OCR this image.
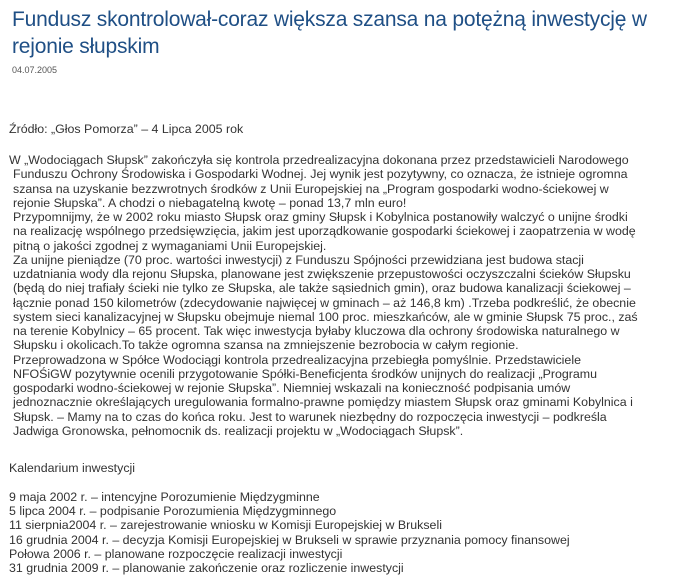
Fundusz skontrolował-coraz większa szansa na potężną inwestycję w rejonie słupskim
04.07.2005
Źródło: „Głos Pomorza” – 4 Lipca 2005 rok
W „Wodociągach Słupsk” zakończyła się kontrola przedrealizacyjna dokonana przez przedstawicieli Narodowego
Funduszu Ochrony Środowiska i Gospodarki Wodnej. Jej wynik jest pozytywny, co oznacza, że istnieje ogromna
szansa na uzyskanie bezzwrotnych środków z Unii Europejskiej na „Program gospodarki wodno-ściekowej w
rejonie Słupska”. A chodzi o niebagatelną kwotę – ponad 13,7 mln euro!
Przypomnijmy, że w 2002 roku miasto Słupsk oraz gminy Słupsk i Kobylnica postanowiły walczyć o unijne środki
na realizację wspólnego przedsięwzięcia, jakim jest uporządkowanie gospodarki ściekowej i zaopatrzenia w wodę
pitną o jakości zgodnej z wymaganiami Unii Europejskiej.
Za unijne pieniądze (70 proc. wartości inwestycji) z Funduszu Spójności przewidziana jest budowa stacji
uzdatniania wody dla rejonu Słupska, planowane jest zwiększenie przepustowości oczyszczalni ścieków Słupsku
(będą do niej trafiały ścieki nie tylko ze Słupska, ale także sąsiednich gmin), oraz budowa kanalizacji ściekowej –
łącznie ponad 150 kilometrów (zdecydowanie najwięcej w gminach – aż 146,8 km) .Trzeba podkreślić, że obecnie
system sieci kanalizacyjnej w Słupsku obejmuje niemal 100 proc. mieszkańców, ale w gminie Słupsk 75 proc., zaś
na terenie Kobylnicy – 65 procent. Tak więc inwestycja byłaby kluczowa dla ochrony środowiska naturalnego w
Słupsku i okolicach.To także ogromna szansa na zmniejszenie bezrobocia w całym regionie.
Przeprowadzona w Spółce Wodociągi kontrola przedrealizacyjna przebiegła pomyślnie. Przedstawiciele
NFOŚiGW pozytywnie ocenili przygotowanie Spółki-Beneficjenta środków unijnych do realizacji „Programu
gospodarki wodno-ściekowej w rejonie Słupska”. Niemniej wskazali na konieczność podpisania umów
jednoznacznie określających uregulowania formalno-prawne pomiędzy miastem Słupsk oraz gminami Kobylnica i
Słupsk. – Mamy na to czas do końca roku. Jest to warunek niezbędny do rozpoczęcia inwestycji – podkreśla
Jadwiga Gronowska, pełnomocnik ds. realizacji projektu w „Wodociągach Słupsk”.
Kalendarium inwestycji
9 maja 2002 r. – intencyjne Porozumienie Międzygminne
5 lipca 2004 r. – podpisanie Porozumienia Międzygminnego
11 sierpnia2004 r. – zarejestrowanie wniosku w Komisji Europejskiej w Brukseli
16 grudnia 2004 r. – decyzja Komisji Europejskiej w Brukseli w sprawie przyznania pomocy finansowej
Połowa 2006 r. – planowane rozpoczęcie realizacji inwestycji
31 grudnia 2009 r. – planowanie zakończenie oraz rozliczenie inwestycji
